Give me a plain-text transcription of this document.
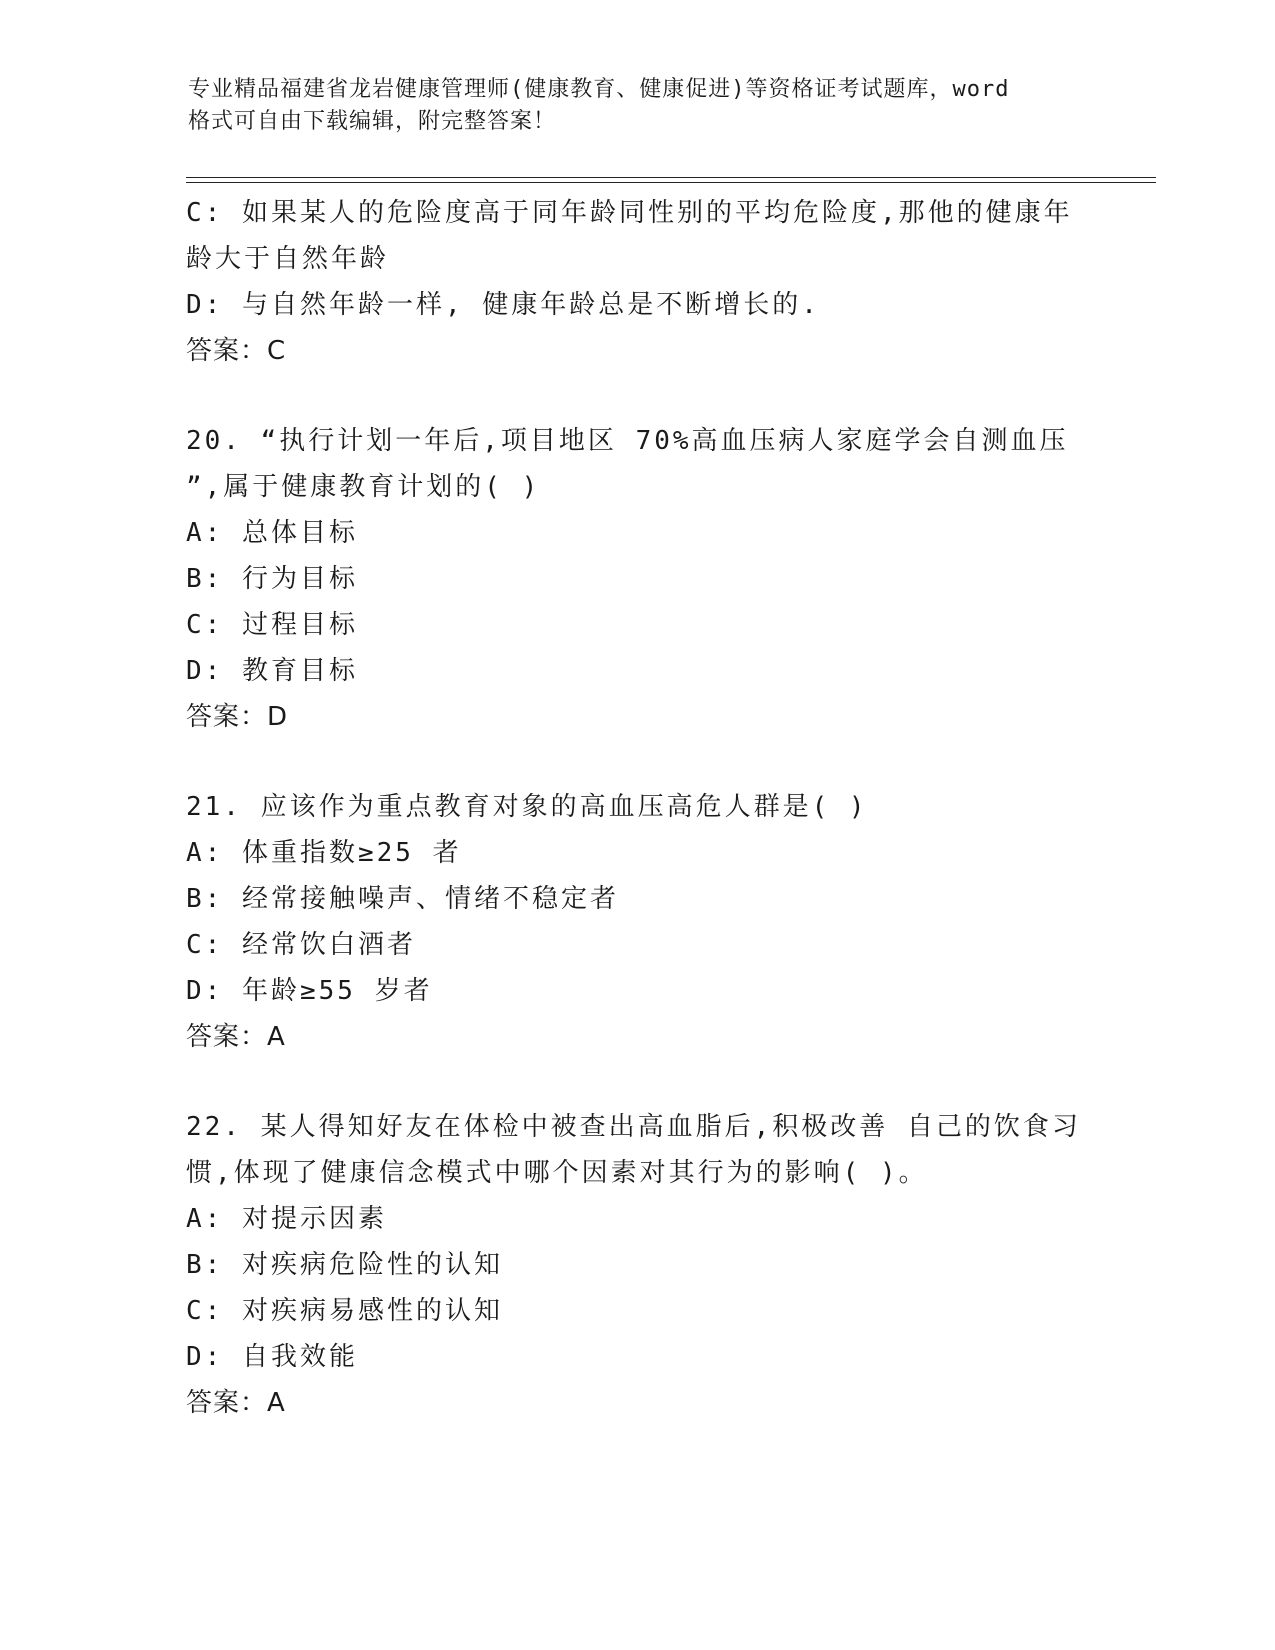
专业精品福建省龙岩健康管理师(健康教育、健康促进)等资格证考试题库，word
格式可自由下载编辑，附完整答案！
C: 如果某人的危险度高于同年龄同性别的平均危险度,那他的健康年
龄大于自然年龄
D: 与自然年龄一样, 健康年龄总是不断增长的.
答案：C
20. “执行计划一年后,项目地区 70%高血压病人家庭学会自测血压
”,属于健康教育计划的( )
A: 总体目标
B: 行为目标
C: 过程目标
D: 教育目标
答案：D
21. 应该作为重点教育对象的高血压高危人群是( )
A: 体重指数≥25 者
B: 经常接触噪声、情绪不稳定者
C: 经常饮白酒者
D: 年龄≥55 岁者
答案：A
22. 某人得知好友在体检中被查出高血脂后,积极改善 自己的饮食习
惯,体现了健康信念模式中哪个因素对其行为的影响( )。
A: 对提示因素
B: 对疾病危险性的认知
C: 对疾病易感性的认知
D: 自我效能
答案：A
